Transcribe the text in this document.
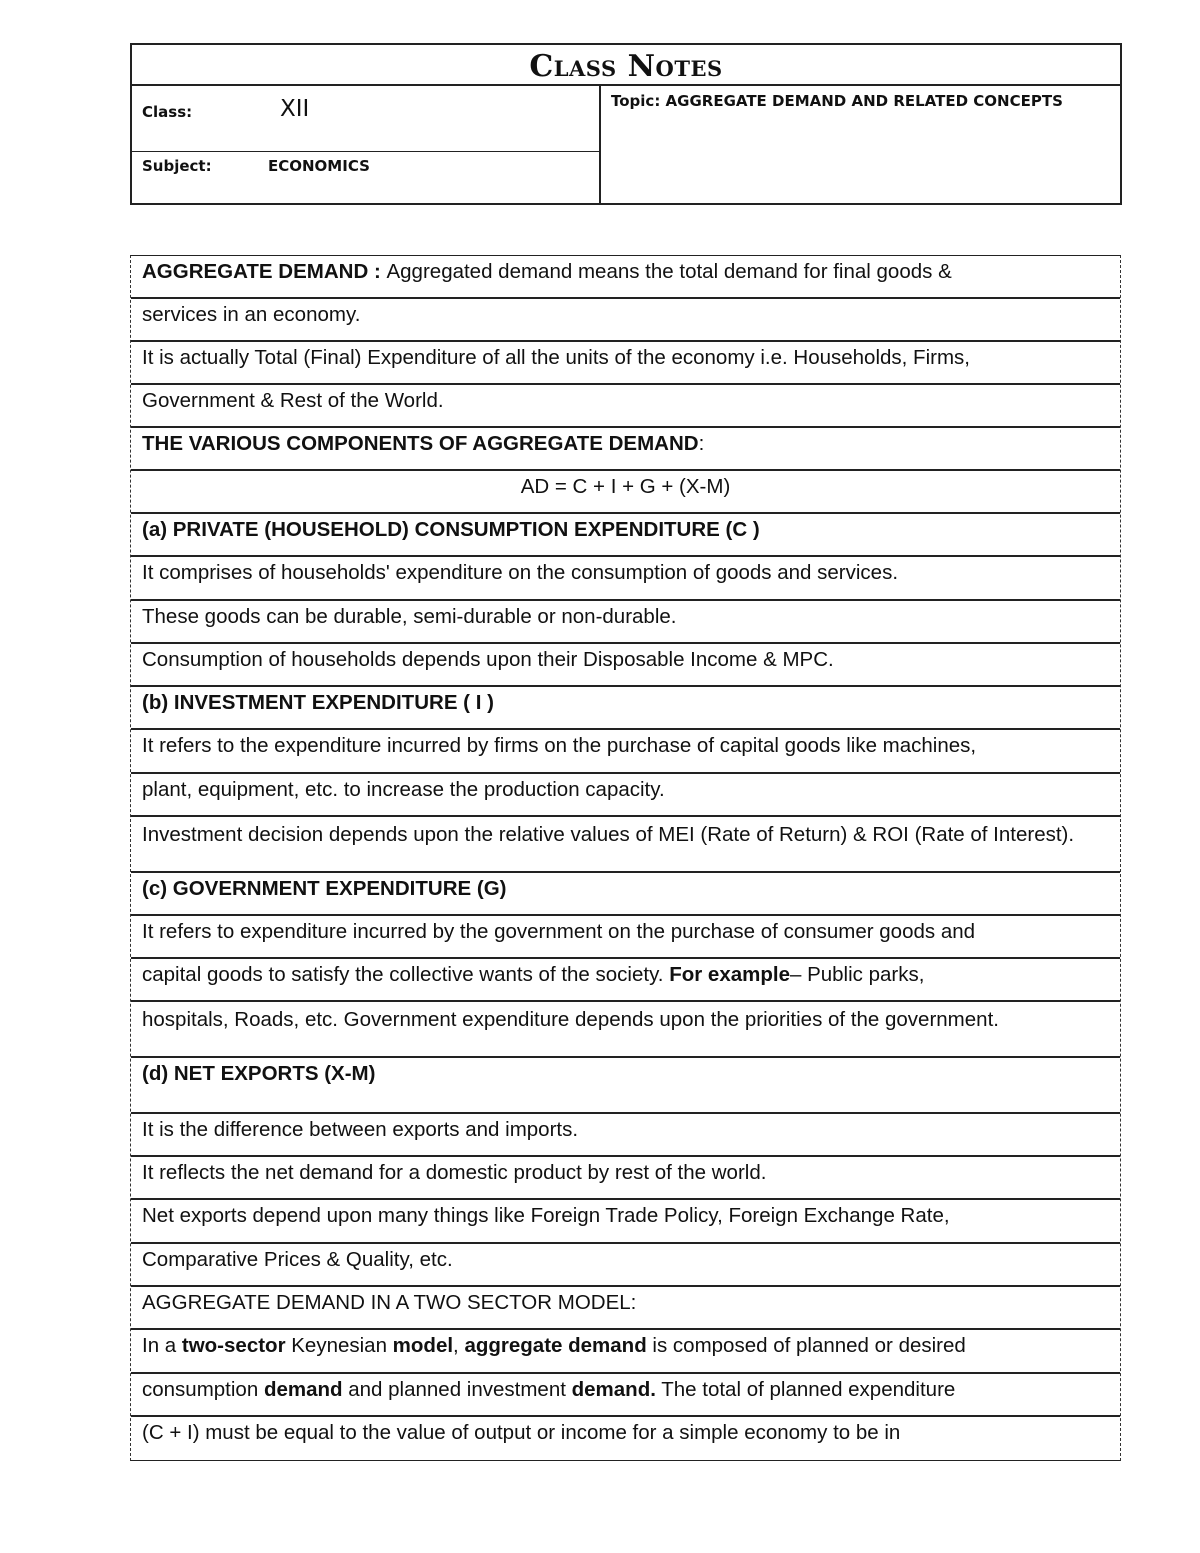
Class Notes
Class:	XII
Subject:	ECONOMICS
Topic: AGGREGATE DEMAND AND RELATED CONCEPTS
AGGREGATE DEMAND : Aggregated demand means the total demand for final goods &
services in an economy.
It is actually Total (Final) Expenditure of all the units of the economy i.e. Households, Firms,
Government & Rest of the World.
THE VARIOUS COMPONENTS OF AGGREGATE DEMAND:
AD = C + I + G + (X-M)
(a) PRIVATE (HOUSEHOLD) CONSUMPTION EXPENDITURE (C )
It comprises of households' expenditure on the consumption of goods and services.
These goods can be durable, semi-durable or non-durable.
Consumption of households depends upon their Disposable Income & MPC.
(b) INVESTMENT EXPENDITURE ( I )
It refers to the expenditure incurred by firms on the purchase of capital goods like machines,
plant, equipment, etc. to increase the production capacity.
Investment decision depends upon the relative values of MEI (Rate of Return) & ROI (Rate of Interest).
(c) GOVERNMENT EXPENDITURE (G)
It refers to expenditure incurred by the government on the purchase of consumer goods and
capital goods to satisfy the collective wants of the society. For example– Public parks,
hospitals, Roads, etc. Government expenditure depends upon the priorities of the government.
(d) NET EXPORTS (X-M)
It is the difference between exports and imports.
It reflects the net demand for a domestic product by rest of the world.
Net exports depend upon many things like Foreign Trade Policy, Foreign Exchange Rate,
Comparative Prices & Quality, etc.
AGGREGATE DEMAND IN A TWO SECTOR MODEL:
In a two-sector Keynesian model, aggregate demand is composed of planned or desired
consumption demand and planned investment demand. The total of planned expenditure
(C + I) must be equal to the value of output or income for a simple economy to be in
